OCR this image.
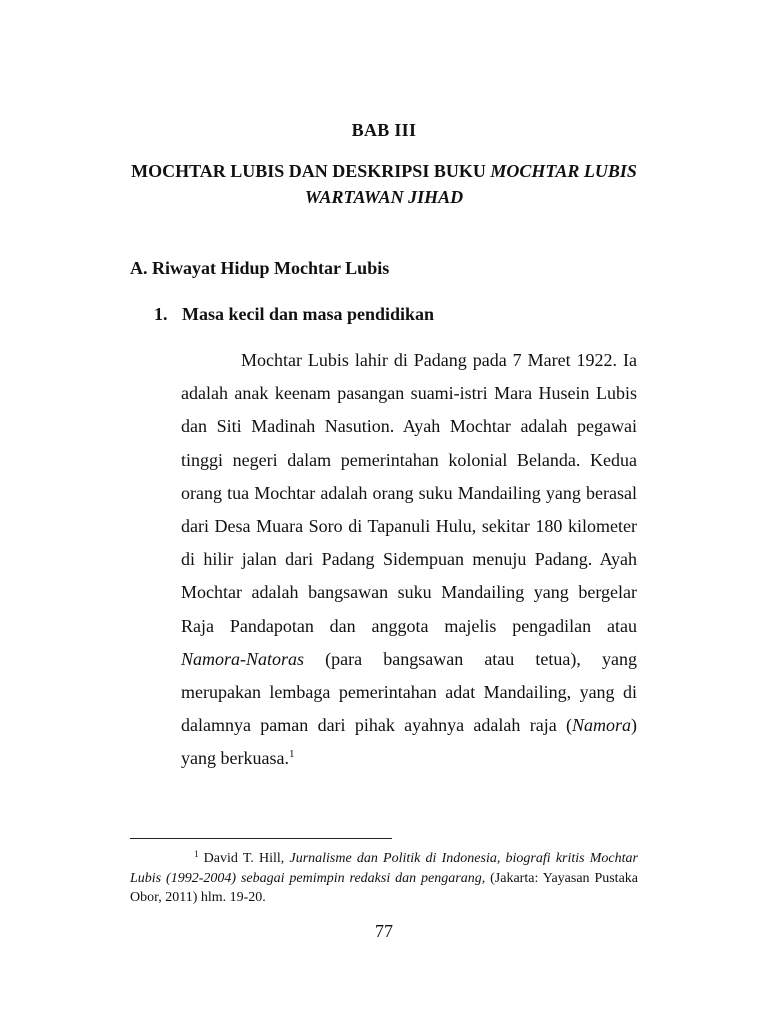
BAB III
MOCHTAR LUBIS DAN DESKRIPSI BUKU MOCHTAR LUBIS WARTAWAN JIHAD
A. Riwayat Hidup Mochtar Lubis
1. Masa kecil dan masa pendidikan
Mochtar Lubis lahir di Padang pada 7 Maret 1922. Ia adalah anak keenam pasangan suami-istri Mara Husein Lubis dan Siti Madinah Nasution. Ayah Mochtar adalah pegawai tinggi negeri dalam pemerintahan kolonial Belanda. Kedua orang tua Mochtar adalah orang suku Mandailing yang berasal dari Desa Muara Soro di Tapanuli Hulu, sekitar 180 kilometer di hilir jalan dari Padang Sidempuan menuju Padang. Ayah Mochtar adalah bangsawan suku Mandailing yang bergelar Raja Pandapotan dan anggota majelis pengadilan atau Namora-Natoras (para bangsawan atau tetua), yang merupakan lembaga pemerintahan adat Mandailing, yang di dalamnya paman dari pihak ayahnya adalah raja (Namora) yang berkuasa.$^1$
$^1$ David T. Hill, Jurnalisme dan Politik di Indonesia, biografi kritis Mochtar Lubis (1992-2004) sebagai pemimpin redaksi dan pengarang, (Jakarta: Yayasan Pustaka Obor, 2011) hlm. 19-20.
77
